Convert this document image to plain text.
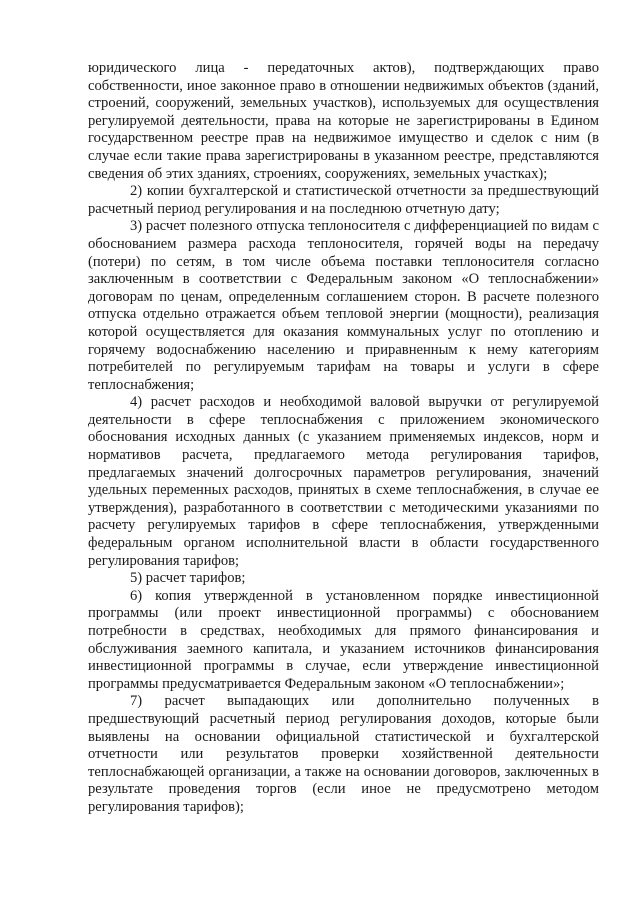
юридического лица - передаточных актов), подтверждающих право собственности, иное законное право в отношении недвижимых объектов (зданий, строений, сооружений, земельных участков), используемых для осуществления регулируемой деятельности, права на которые не зарегистрированы в Едином государственном реестре прав на недвижимое имущество и сделок с ним (в случае если такие права зарегистрированы в указанном реестре, представляются сведения об этих зданиях, строениях, сооружениях, земельных участках);

2) копии бухгалтерской и статистической отчетности за предшествующий расчетный период регулирования и на последнюю отчетную дату;

3) расчет полезного отпуска теплоносителя с дифференциацией по видам с обоснованием размера расхода теплоносителя, горячей воды на передачу (потери) по сетям, в том числе объема поставки теплоносителя согласно заключенным в соответствии с Федеральным законом «О теплоснабжении» договорам по ценам, определенным соглашением сторон. В расчете полезного отпуска отдельно отражается объем тепловой энергии (мощности), реализация которой осуществляется для оказания коммунальных услуг по отоплению и горячему водоснабжению населению и приравненным к нему категориям потребителей по регулируемым тарифам на товары и услуги в сфере теплоснабжения;

4) расчет расходов и необходимой валовой выручки от регулируемой деятельности в сфере теплоснабжения с приложением экономического обоснования исходных данных (с указанием применяемых индексов, норм и нормативов расчета, предлагаемого метода регулирования тарифов, предлагаемых значений долгосрочных параметров регулирования, значений удельных переменных расходов, принятых в схеме теплоснабжения, в случае ее утверждения), разработанного в соответствии с методическими указаниями по расчету регулируемых тарифов в сфере теплоснабжения, утвержденными федеральным органом исполнительной власти в области государственного регулирования тарифов;

5) расчет тарифов;

6) копия утвержденной в установленном порядке инвестиционной программы (или проект инвестиционной программы) с обоснованием потребности в средствах, необходимых для прямого финансирования и обслуживания заемного капитала, и указанием источников финансирования инвестиционной программы в случае, если утверждение инвестиционной программы предусматривается Федеральным законом «О теплоснабжении»;

7) расчет выпадающих или дополнительно полученных в предшествующий расчетный период регулирования доходов, которые были выявлены на основании официальной статистической и бухгалтерской отчетности или результатов проверки хозяйственной деятельности теплоснабжающей организации, а также на основании договоров, заключенных в результате проведения торгов (если иное не предусмотрено методом регулирования тарифов);
